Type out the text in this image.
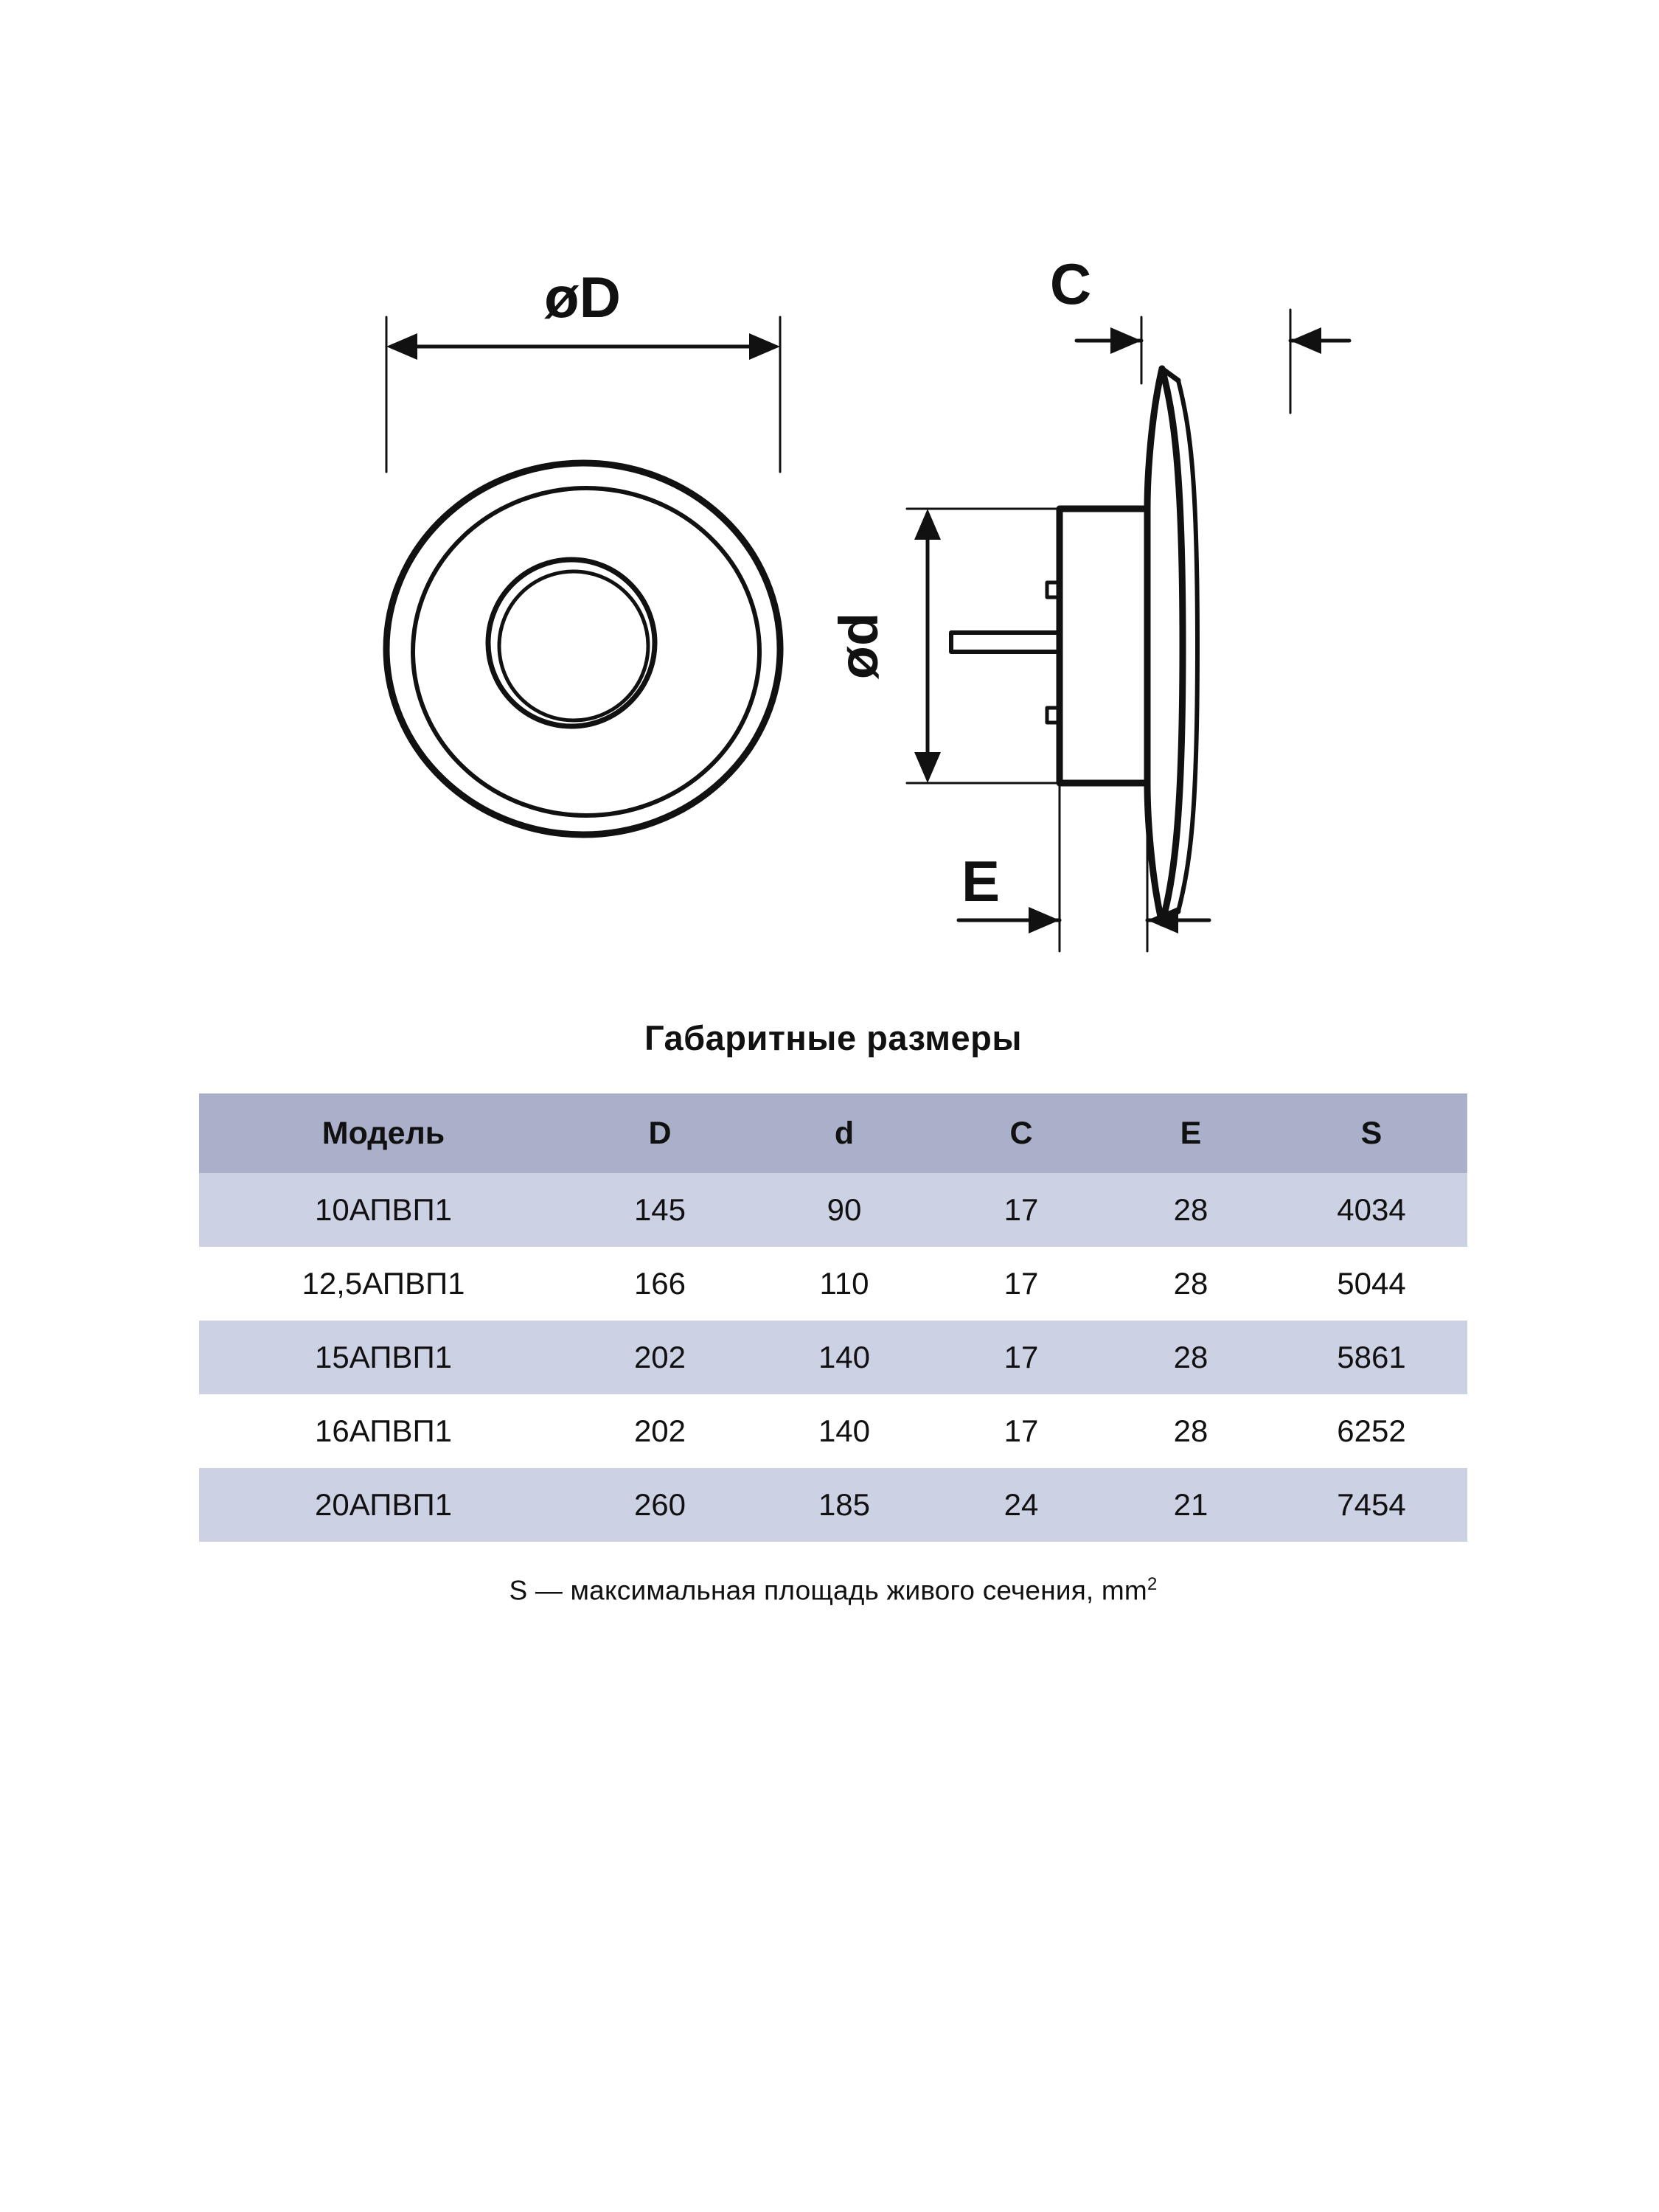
øD	C
ød
E
Габаритные размеры
Модель	D	d	C	E	S
10АПВП1	145	90	17	28	4034
12,5АПВП1	166	110	17	28	5044
15АПВП1	202	140	17	28	5861
16АПВП1	202	140	17	28	6252
20АПВП1	260	185	24	21	7454
S — максимальная площадь живого сечения, $mm^2$
